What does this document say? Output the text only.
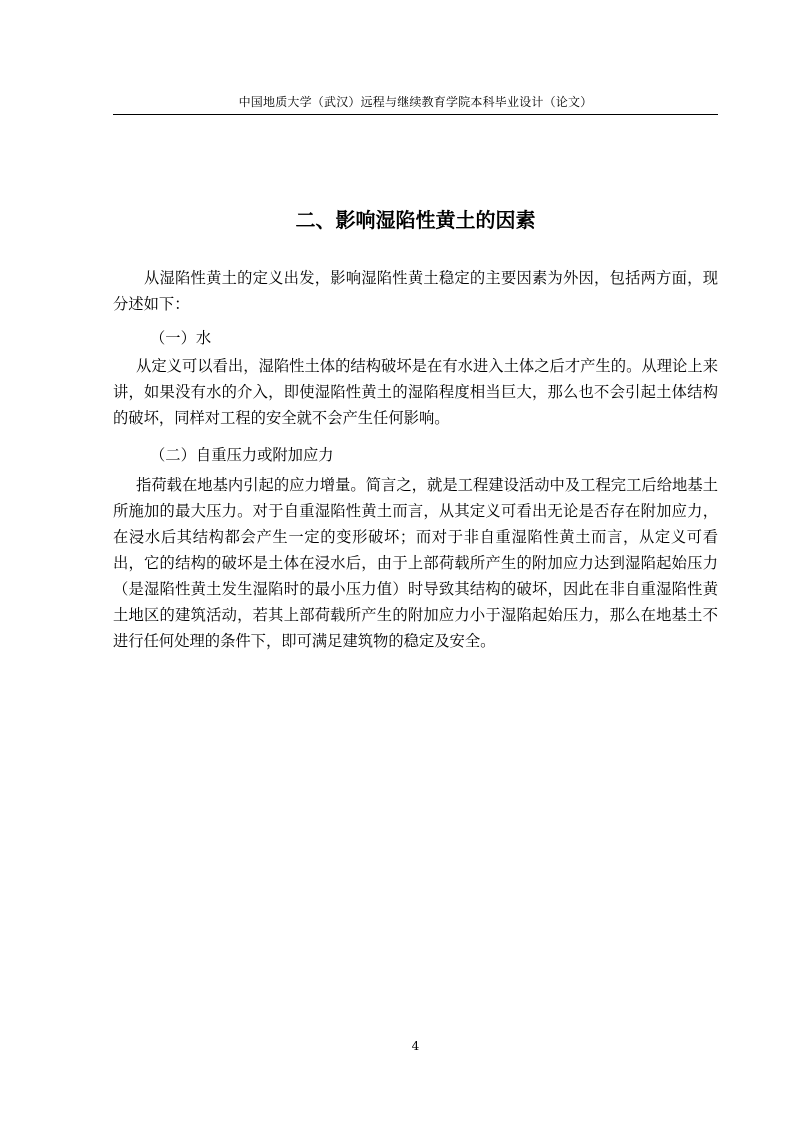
中国地质大学（武汉）远程与继续教育学院本科毕业设计（论文）
二、影响湿陷性黄土的因素

从湿陷性黄土的定义出发，影响湿陷性黄土稳定的主要因素为外因，包括两方面，现分述如下：

（一）水

从定义可以看出，湿陷性土体的结构破坏是在有水进入土体之后才产生的。从理论上来讲，如果没有水的介入，即使湿陷性黄土的湿陷程度相当巨大，那么也不会引起土体结构的破坏，同样对工程的安全就不会产生任何影响。

（二）自重压力或附加应力

指荷载在地基内引起的应力增量。简言之，就是工程建设活动中及工程完工后给地基土所施加的最大压力。对于自重湿陷性黄土而言，从其定义可看出无论是否存在附加应力，在浸水后其结构都会产生一定的变形破坏；而对于非自重湿陷性黄土而言，从定义可看出，它的结构的破坏是土体在浸水后，由于上部荷载所产生的附加应力达到湿陷起始压力（是湿陷性黄土发生湿陷时的最小压力值）时导致其结构的破坏，因此在非自重湿陷性黄土地区的建筑活动，若其上部荷载所产生的附加应力小于湿陷起始压力，那么在地基土不进行任何处理的条件下，即可满足建筑物的稳定及安全。

4
